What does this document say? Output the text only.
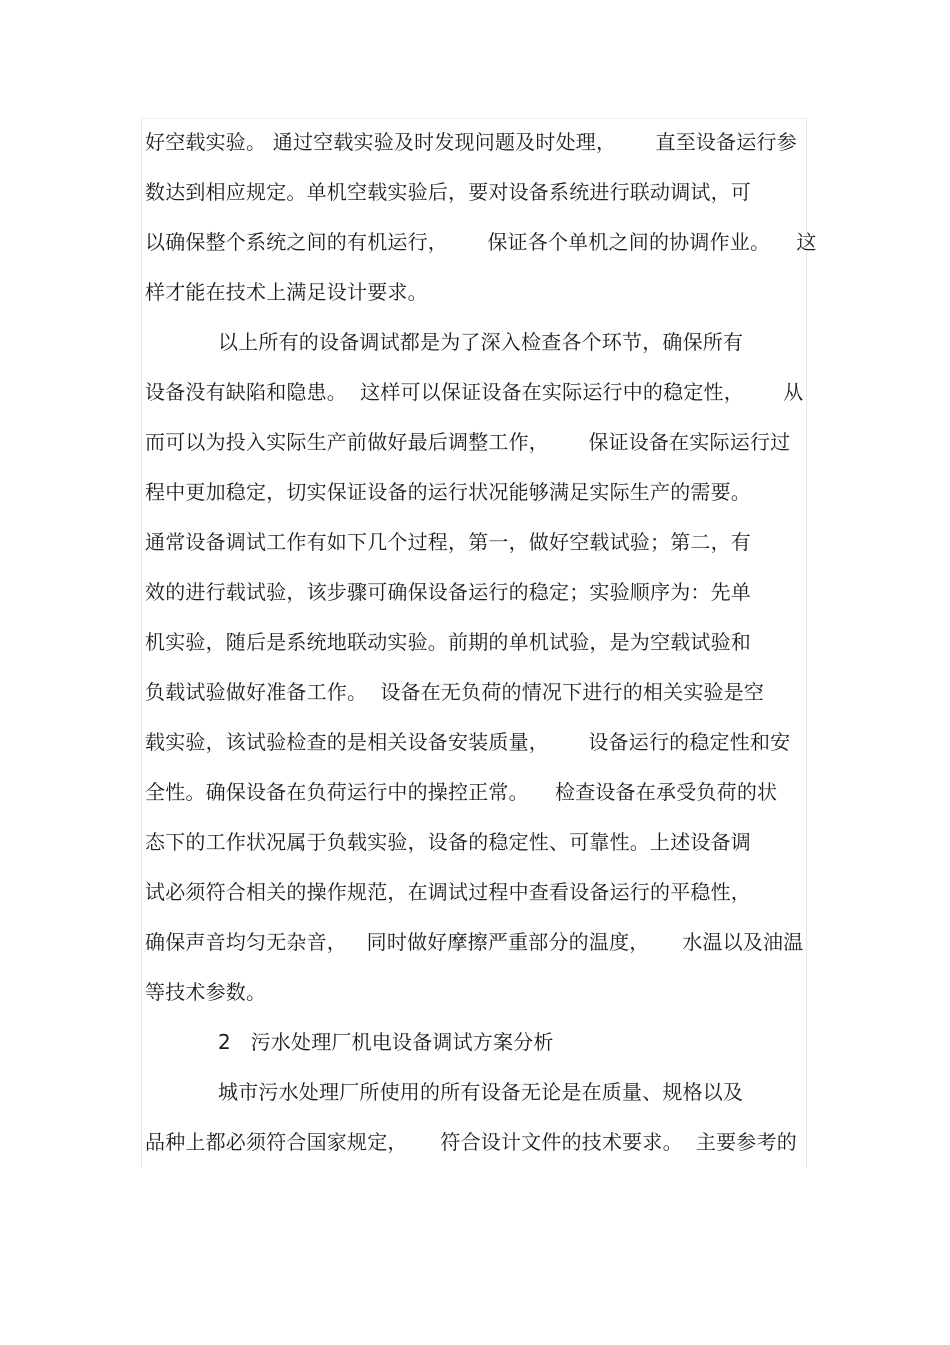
好空载实验。 通过空载实验及时发现问题及时处理，      直至设备运行参
数达到相应规定。单机空载实验后，要对设备系统进行联动调试，可
以确保整个系统之间的有机运行，      保证各个单机之间的协调作业。    这
样才能在技术上满足设计要求。
以上所有的设备调试都是为了深入检查各个环节，确保所有
设备没有缺陷和隐患。  这样可以保证设备在实际运行中的稳定性，      从
而可以为投入实际生产前做好最后调整工作，      保证设备在实际运行过
程中更加稳定，切实保证设备的运行状况能够满足实际生产的需要。
通常设备调试工作有如下几个过程，第一，做好空载试验；第二，有
效的进行载试验，该步骤可确保设备运行的稳定；实验顺序为：先单
机实验，随后是系统地联动实验。前期的单机试验，是为空载试验和
负载试验做好准备工作。  设备在无负荷的情况下进行的相关实验是空
载实验，该试验检查的是相关设备安装质量，      设备运行的稳定性和安
全性。确保设备在负荷运行中的操控正常。    检查设备在承受负荷的状
态下的工作状况属于负载实验，设备的稳定性、可靠性。上述设备调
试必须符合相关的操作规范，在调试过程中查看设备运行的平稳性，
确保声音均匀无杂音，   同时做好摩擦严重部分的温度，     水温以及油温
等技术参数。
2   污水处理厂机电设备调试方案分析
城市污水处理厂所使用的所有设备无论是在质量、规格以及
品种上都必须符合国家规定，     符合设计文件的技术要求。  主要参考的
